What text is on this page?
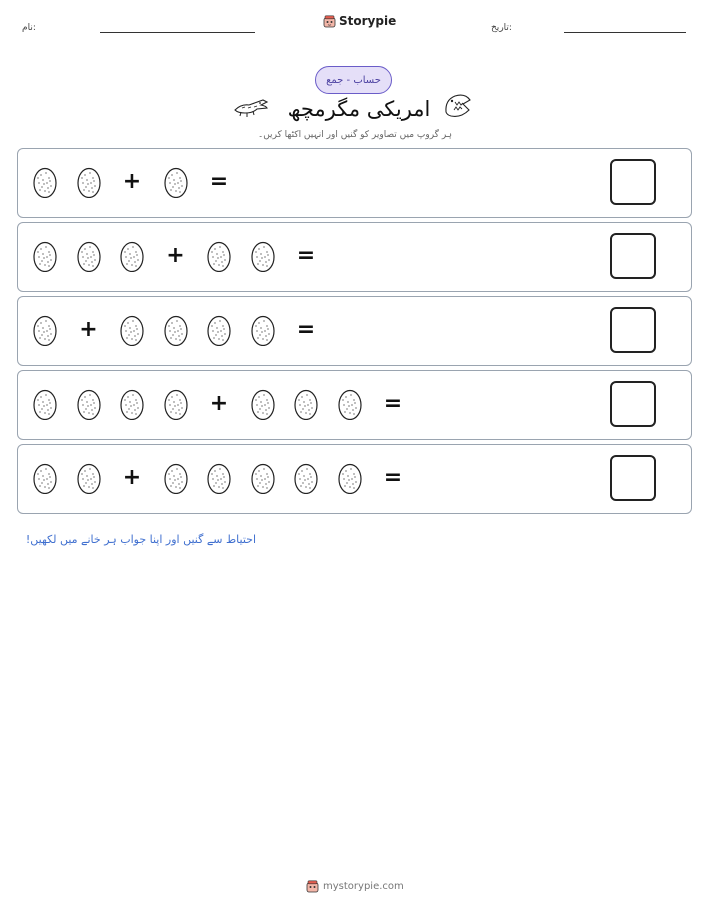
نام:	Storypie	تاریخ:
حساب - جمع
امریکی مگرمچھ
ہر گروپ میں تصاویر کو گنیں اور انہیں اکٹھا کریں۔
+	=
+	=
+	=
+	=
+	=
احتیاط سے گنیں اور اپنا جواب ہر خانے میں لکھیں!
mystorypie.com
